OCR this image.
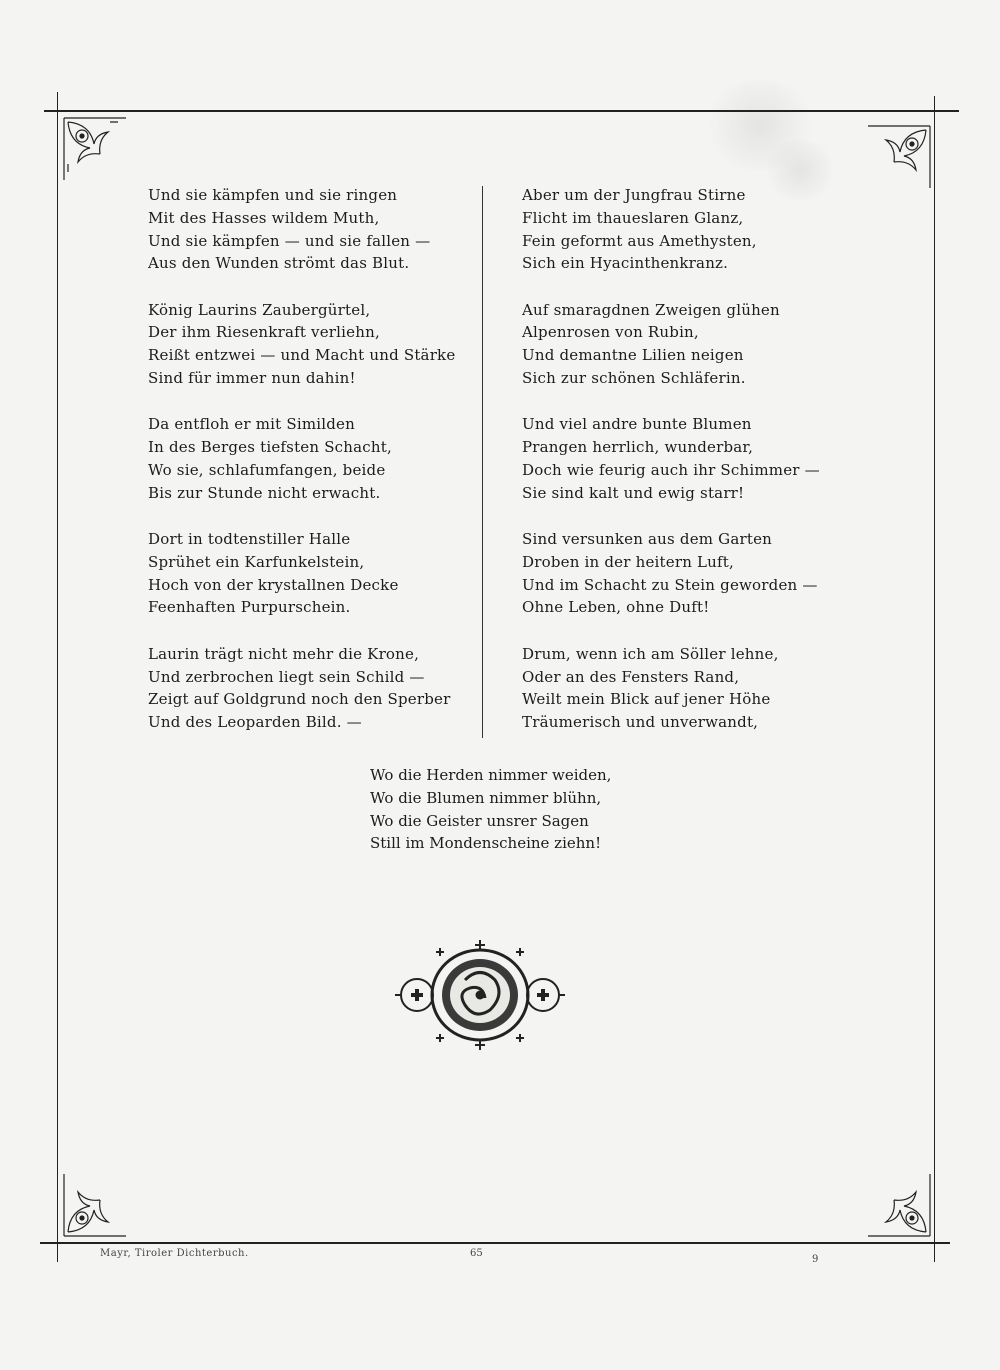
Und sie kämpfen und sie ringen
Mit des Hasses wildem Muth,
Und sie kämpfen — und sie fallen —
Aus den Wunden strömt das Blut.
König Laurins Zaubergürtel,
Der ihm Riesenkraft verliehn,
Reißt entzwei — und Macht und Stärke
Sind für immer nun dahin!
Da entfloh er mit Similden
In des Berges tiefsten Schacht,
Wo sie, schlafumfangen, beide
Bis zur Stunde nicht erwacht.
Dort in todtenstiller Halle
Sprühet ein Karfunkelstein,
Hoch von der krystallnen Decke
Feenhaften Purpurschein.
Laurin trägt nicht mehr die Krone,
Und zerbrochen liegt sein Schild —
Zeigt auf Goldgrund noch den Sperber
Und des Leoparden Bild. —
Aber um der Jungfrau Stirne
Flicht im thaueslaren Glanz,
Fein geformt aus Amethysten,
Sich ein Hyacinthenkranz.
Auf smaragdnen Zweigen glühen
Alpenrosen von Rubin,
Und demantne Lilien neigen
Sich zur schönen Schläferin.
Und viel andre bunte Blumen
Prangen herrlich, wunderbar,
Doch wie feurig auch ihr Schimmer —
Sie sind kalt und ewig starr!
Sind versunken aus dem Garten
Droben in der heitern Luft,
Und im Schacht zu Stein geworden —
Ohne Leben, ohne Duft!
Drum, wenn ich am Söller lehne,
Oder an des Fensters Rand,
Weilt mein Blick auf jener Höhe
Träumerisch und unverwandt,
Wo die Herden nimmer weiden,
Wo die Blumen nimmer blühn,
Wo die Geister unsrer Sagen
Still im Mondenscheine ziehn!
Mayr, Tiroler Dichterbuch.	65
9
